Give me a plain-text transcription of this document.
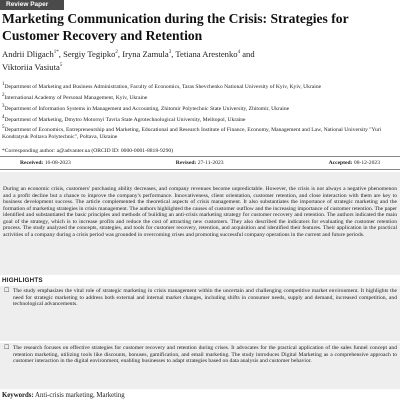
Review Paper
Marketing Communication during the Crisis: Strategies for Customer Recovery and Retention

Andrii Dligach$^{1*}$, Sergiy Tegipko$^2$, Iryna Zamula$^3$, Tetiana Arestenko$^4$ and
Viktoriia Vasiuta$^5$

$^1$Department of Marketing and Business Administration, Faculty of Economics, Taras Shevchenko National University of Kyiv, Kyiv, Ukraine
$^2$International Academy of Personal Management, Kyiv, Ukraine
$^3$Department of Information Systems in Management and Accounting, Zhitomir Polytechnic State University, Zhitomir, Ukraine
$^4$Department of Marketing, Dmytro Motornyi Tavria State Agrotechnological University, Melitopol, Ukraine
$^5$Department of Economics, Entrepreneurship and Marketing, Educational and Research Institute of Finance, Economy, Management and Law, National University "Yuri Kondratyuk Poltava Polytechnic", Poltava, Ukraine
*Corresponding author: a@advanter.ua (ORCID ID: 0000-0001-8818-9290)
Received: 16-08-2023	Revised: 27-11-2023	Accepted: 08-12-2023

During an economic crisis, customers' purchasing ability decreases, and company revenues become unpredictable. However, the crisis is not always a negative phenomenon and a profit decline but a chance to improve the company's performance. Innovativeness, client orientation, customer retention, and close interaction with them are key to business development success. The article complemented the theoretical aspects of crisis management. It also substantiates the importance of strategic marketing and the formation of marketing strategies in crisis management. The authors highlighted the causes of customer outflow and the increasing importance of customer retention. The paper identified and substantiated the basic principles and methods of building an anti-crisis marketing strategy for customer recovery and retention. The authors indicated the main goal of the strategy, which is to increase profits and reduce the cost of attracting new customers. They also described the indicators for evaluating the customer retention process. The study analyzed the concepts, strategies, and tools for customer recovery, retention, and acquisition and identified their features. Their application in the practical activities of a company during a crisis period was grounded in overcoming crises and promoting successful company operations in the current and future periods.

HIGHLIGHTS
☐ The study emphasizes the vital role of strategic marketing in crisis management within the uncertain and challenging competitive market environment. It highlights the need for strategic marketing to address both external and internal market changes, including shifts in consumer needs, supply and demand, increased competition, and technological advancements.
☐ The research focuses on effective strategies for customer recovery and retention during crises. It advocates for the practical application of the sales funnel concept and retention marketing, utilizing tools like discounts, bonuses, gamification, and email marketing. The study introduces Digital Marketing as a comprehensive approach to customer interaction in the digital environment, enabling businesses to adapt strategies based on data analysis and customer behavior.

Keywords: Anti-crisis marketing, Marketing
